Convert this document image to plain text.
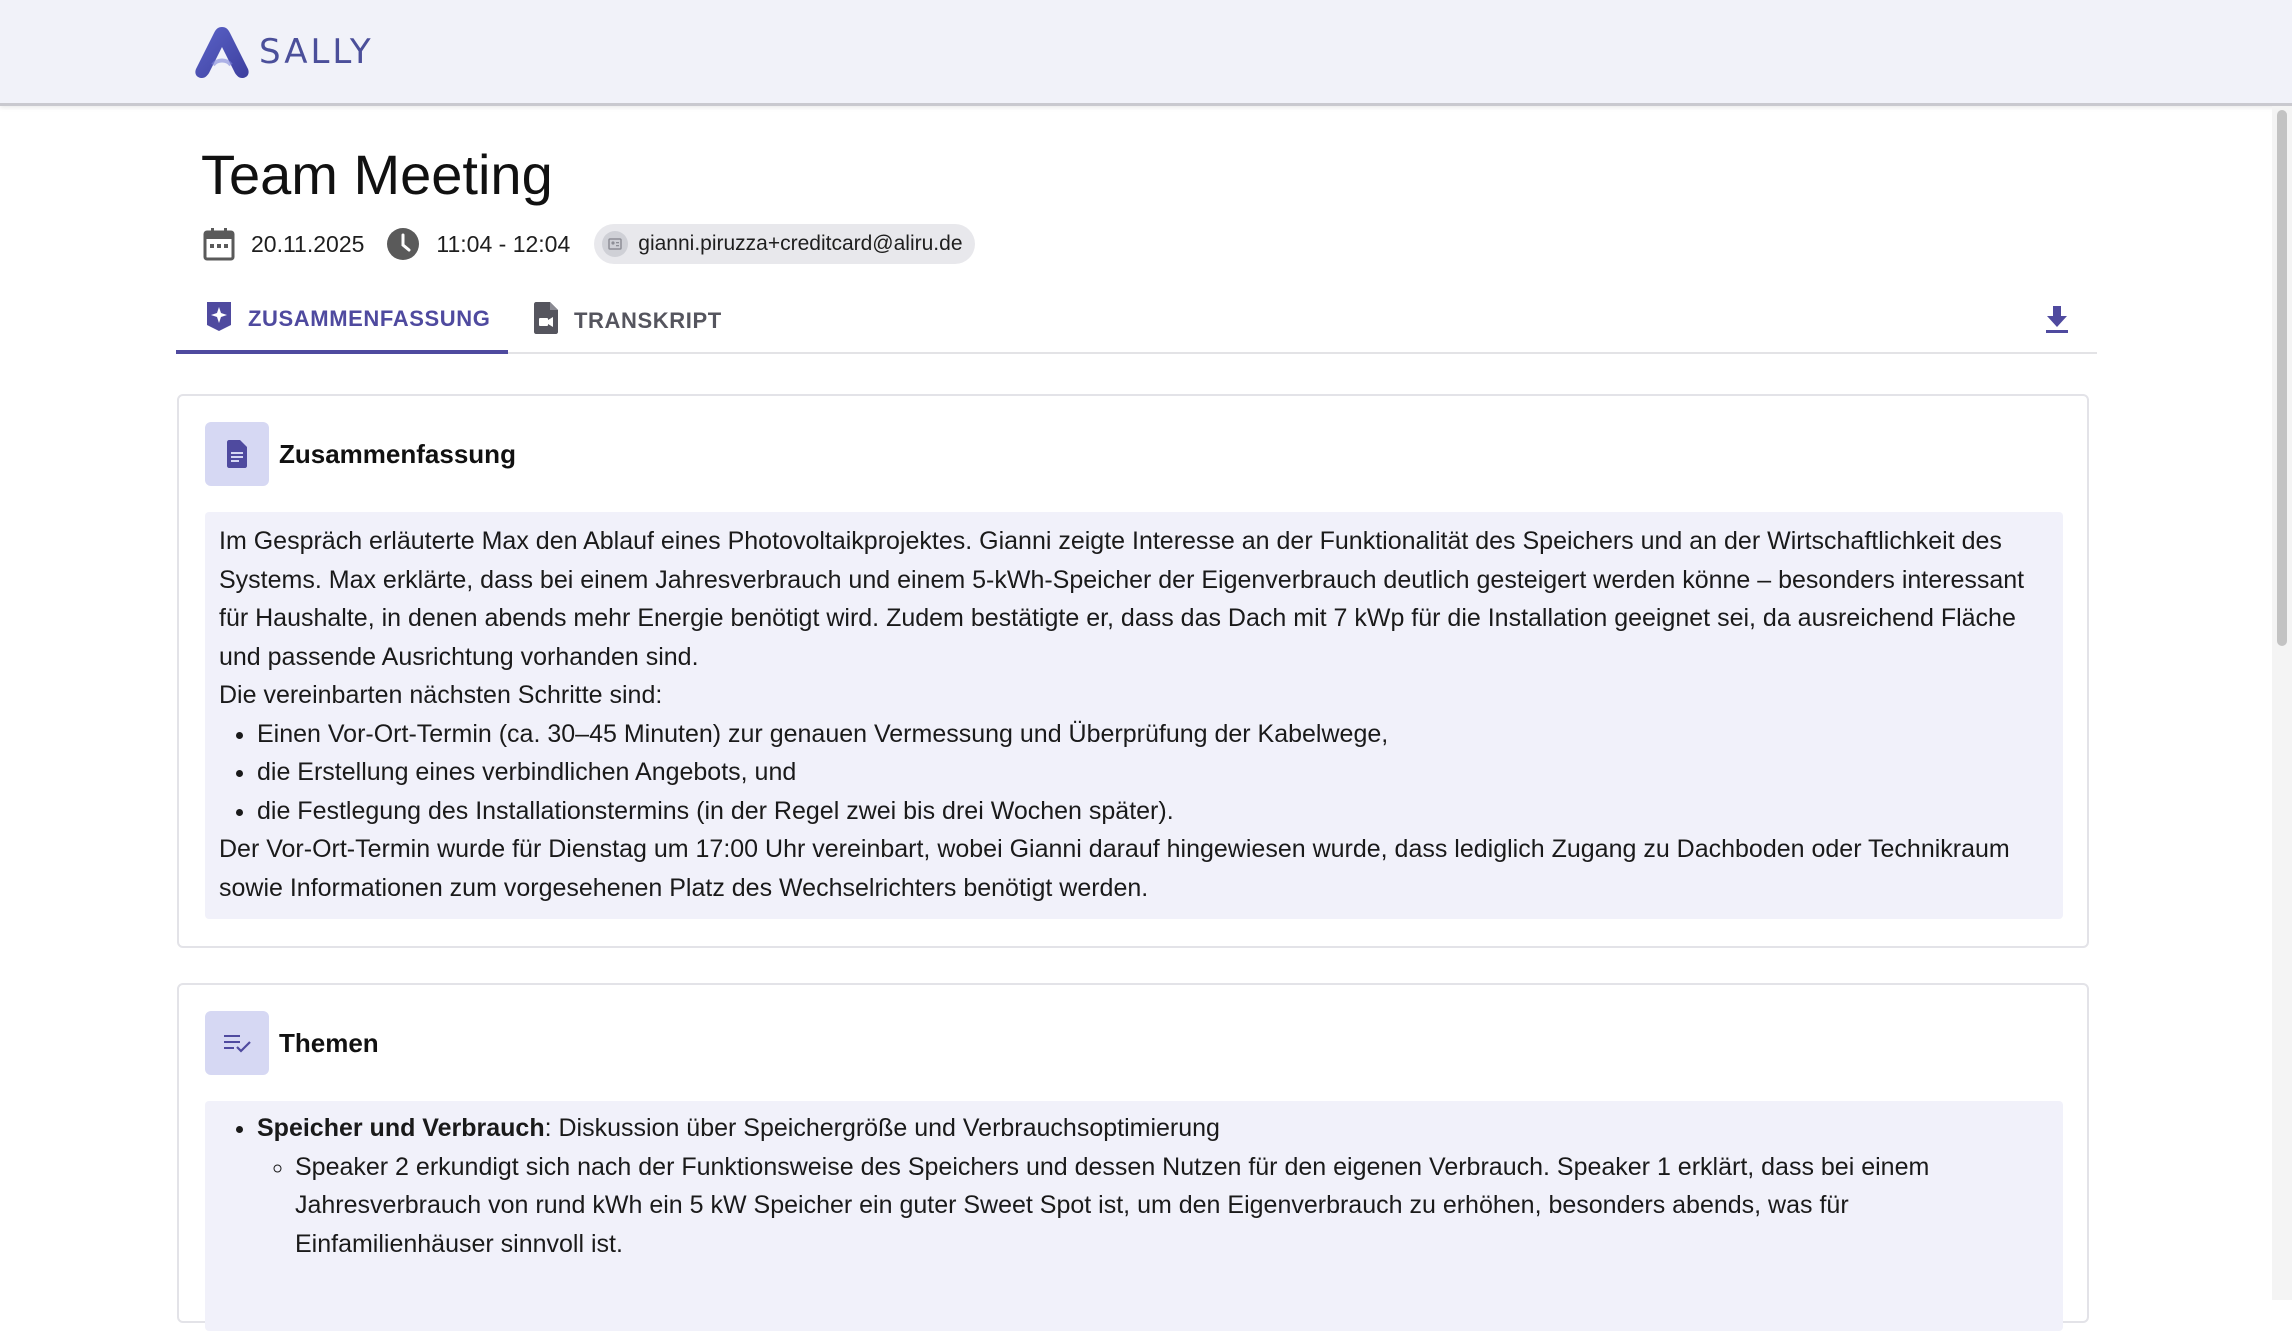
SALLY
Team Meeting
20.11.2025	11:04 - 12:04	gianni.piruzza+creditcard@aliru.de
ZUSAMMENFASSUNG	TRANSKRIPT
Zusammenfassung

Im Gespräch erläuterte Max den Ablauf eines Photovoltaikprojektes. Gianni zeigte Interesse an der Funktionalität des Speichers und an der Wirtschaftlichkeit des Systems. Max erklärte, dass bei einem Jahresverbrauch und einem 5-kWh-Speicher der Eigenverbrauch deutlich gesteigert werden könne – besonders interessant für Haushalte, in denen abends mehr Energie benötigt wird. Zudem bestätigte er, dass das Dach mit 7 kWp für die Installation geeignet sei, da ausreichend Fläche und passende Ausrichtung vorhanden sind.

Die vereinbarten nächsten Schritte sind:

• Einen Vor-Ort-Termin (ca. 30–45 Minuten) zur genauen Vermessung und Überprüfung der Kabelwege,
• die Erstellung eines verbindlichen Angebots, und
• die Festlegung des Installationstermins (in der Regel zwei bis drei Wochen später).

Der Vor-Ort-Termin wurde für Dienstag um 17:00 Uhr vereinbart, wobei Gianni darauf hingewiesen wurde, dass lediglich Zugang zu Dachboden oder Technikraum sowie Informationen zum vorgesehenen Platz des Wechselrichters benötigt werden.

Themen
• Speicher und Verbrauch: Diskussion über Speichergröße und Verbrauchsoptimierung
◦ Speaker 2 erkundigt sich nach der Funktionsweise des Speichers und dessen Nutzen für den eigenen Verbrauch. Speaker 1 erklärt, dass bei einem Jahresverbrauch von rund kWh ein 5 kW Speicher ein guter Sweet Spot ist, um den Eigenverbrauch zu erhöhen, besonders abends, was für Einfamilienhäuser sinnvoll ist.
